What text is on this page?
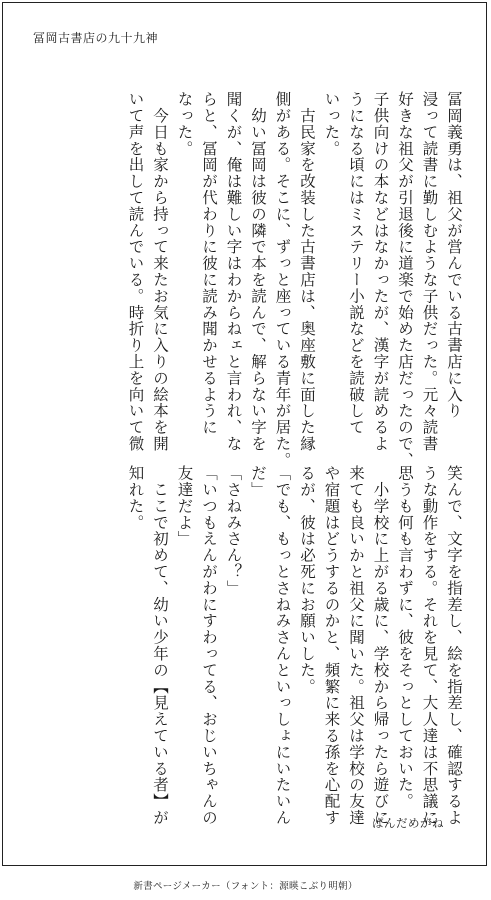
冨岡古書店の九十九神
冨岡義勇は、祖父が営んでいる古書店に入り
浸って読書に勤しむような子供だった。元々読書
好きな祖父が引退後に道楽で始めた店だったので、
子供向けの本などはなかったが、漢字が読めるよ
うになる頃にはミステリー小説などを読破して
いった。
　古民家を改装した古書店は、奥座敷に面した縁
側がある。そこに、ずっと座っている青年が居た。
　幼い冨岡は彼の隣で本を読んで、解らない字を
聞くが、俺は難しい字はわからねェと言われ、な
らと、冨岡が代わりに彼に読み聞かせるように
なった。
　今日も家から持って来たお気に入りの絵本を開
いて声を出して読んでいる。時折り上を向いて微
笑んで、文字を指差し、絵を指差し、確認するよ
うな動作をする。それを見て、大人達は不思議に
思うも何も言わずに、彼をそっとしておいた。
　小学校に上がる歳に、学校から帰ったら遊びに
来ても良いかと祖父に聞いた。祖父は学校の友達
や宿題はどうするのかと、頻繁に来る孫を心配す
るが、彼は必死にお願いした。
「でも、もっとさねみさんといっしょにいたいん
だ」
「さねみさん？」
「いつもえんがわにすわってる、おじいちゃんの
友達だよ」
　ここで初めて、幼い少年の【見えている者】が
知れた。
ぱんだめがね
新書ページメーカー（フォント：源暎こぶり明朝）
